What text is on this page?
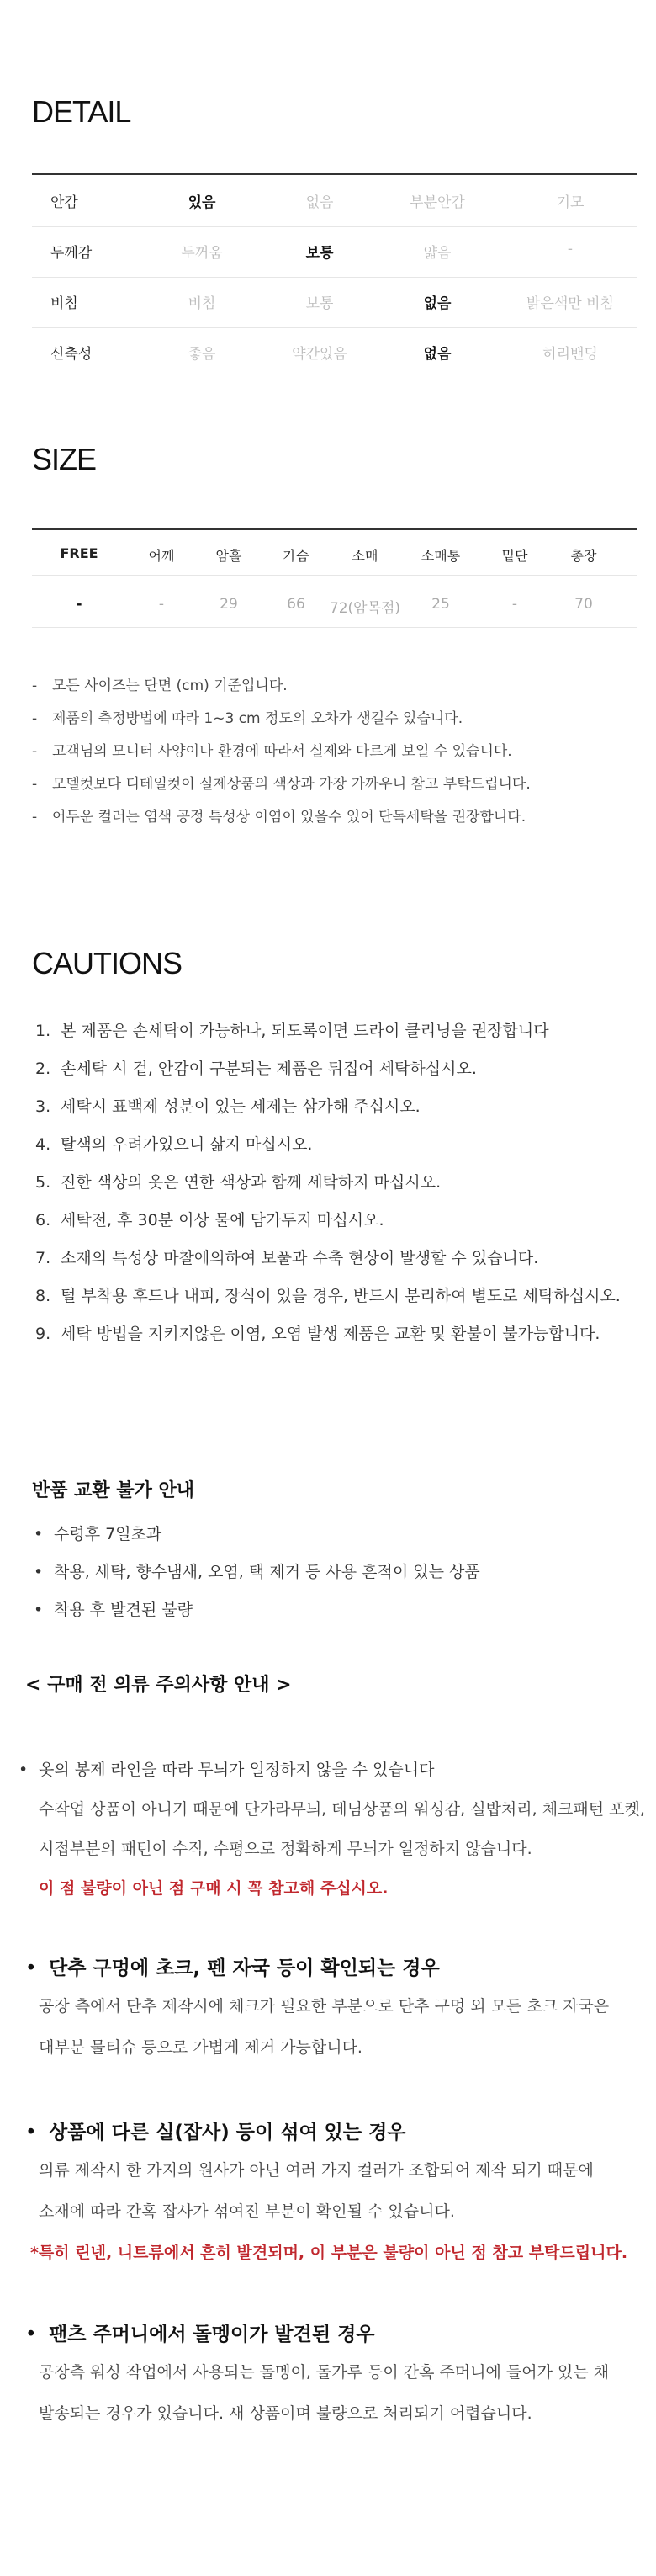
DETAIL
안감	있음	없음	부분안감	기모
두께감	두꺼움	보통	얇음	-
비침	비침	보통	없음	밝은색만 비침
신축성	좋음	약간있음	없음	허리밴딩
SIZE
FREE	어깨	암홀	가슴	소매	소매통	밑단	총장
-	-	29	66	72(암목점)	25	-	70
- 모든 사이즈는 단면 (cm) 기준입니다.
- 제품의 측정방법에 따라 1~3 cm 정도의 오차가 생길수 있습니다.
- 고객님의 모니터 사양이나 환경에 따라서 실제와 다르게 보일 수 있습니다.
- 모델컷보다 디테일컷이 실제상품의 색상과 가장 가까우니 참고 부탁드립니다.
- 어두운 컬러는 염색 공정 특성상 이염이 있을수 있어 단독세탁을 권장합니다.
CAUTIONS
1. 본 제품은 손세탁이 가능하나, 되도록이면 드라이 클리닝을 권장합니다
2. 손세탁 시 겉, 안감이 구분되는 제품은 뒤집어 세탁하십시오.
3. 세탁시 표백제 성분이 있는 세제는 삼가해 주십시오.
4. 탈색의 우려가있으니 삶지 마십시오.
5. 진한 색상의 옷은 연한 색상과 함께 세탁하지 마십시오.
6. 세탁전, 후 30분 이상 물에 담가두지 마십시오.
7. 소재의 특성상 마찰에의하여 보풀과 수축 현상이 발생할 수 있습니다.
8. 털 부착용 후드나 내피, 장식이 있을 경우, 반드시 분리하여 별도로 세탁하십시오.
9. 세탁 방법을 지키지않은 이염, 오염 발생 제품은 교환 및 환불이 불가능합니다.
반품 교환 불가 안내
• 수령후 7일초과
• 착용, 세탁, 향수냄새, 오염, 택 제거 등 사용 흔적이 있는 상품
• 착용 후 발견된 불량
< 구매 전 의류 주의사항 안내 >
• 옷의 봉제 라인을 따라 무늬가 일정하지 않을 수 있습니다
수작업 상품이 아니기 때문에 단가라무늬, 데님상품의 워싱감, 실밥처리, 체크패턴 포켓,
시접부분의 패턴이 수직, 수평으로 정확하게 무늬가 일정하지 않습니다.
이 점 불량이 아닌 점 구매 시 꼭 참고해 주십시오.
• 단추 구멍에 초크, 펜 자국 등이 확인되는 경우
공장 측에서 단추 제작시에 체크가 필요한 부분으로 단추 구멍 외 모든 초크 자국은
대부분 물티슈 등으로 가볍게 제거 가능합니다.
• 상품에 다른 실(잡사) 등이 섞여 있는 경우
의류 제작시 한 가지의 원사가 아닌 여러 가지 컬러가 조합되어 제작 되기 때문에
소재에 따라 간혹 잡사가 섞여진 부분이 확인될 수 있습니다.
*특히 린넨, 니트류에서 흔히 발견되며, 이 부분은 불량이 아닌 점 참고 부탁드립니다.
• 팬츠 주머니에서 돌멩이가 발견된 경우
공장측 워싱 작업에서 사용되는 돌멩이, 돌가루 등이 간혹 주머니에 들어가 있는 채
발송되는 경우가 있습니다. 새 상품이며 불량으로 처리되기 어렵습니다.
